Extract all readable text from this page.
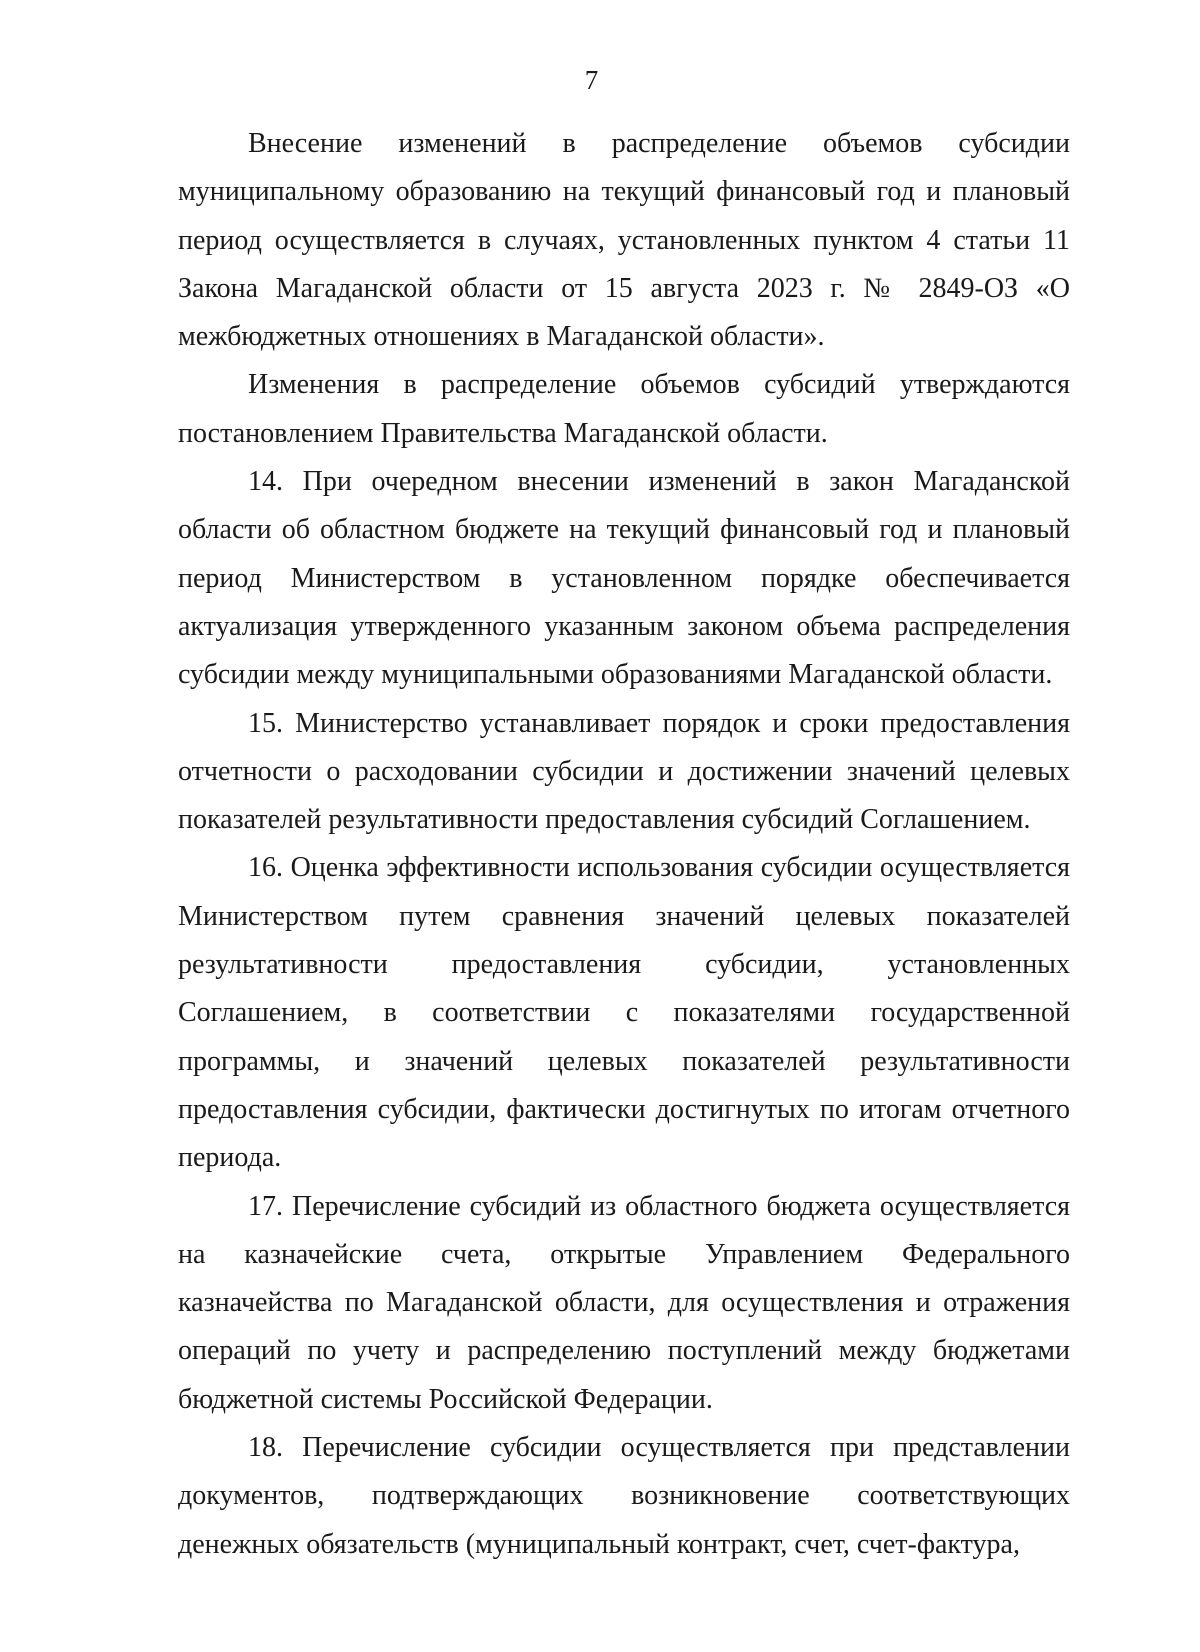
7

Внесение изменений в распределение объемов субсидии муниципальному образованию на текущий финансовый год и плановый период осуществляется в случаях, установленных пунктом 4 статьи 11 Закона Магаданской области от 15 августа 2023 г. № 2849-ОЗ «О межбюджетных отношениях в Магаданской области».

Изменения в распределение объемов субсидий утверждаются постановлением Правительства Магаданской области.

14. При очередном внесении изменений в закон Магаданской области об областном бюджете на текущий финансовый год и плановый период Министерством в установленном порядке обеспечивается актуализация утвержденного указанным законом объема распределения субсидии между муниципальными образованиями Магаданской области.

15. Министерство устанавливает порядок и сроки предоставления отчетности о расходовании субсидии и достижении значений целевых показателей результативности предоставления субсидий Соглашением.

16. Оценка эффективности использования субсидии осуществляется Министерством путем сравнения значений целевых показателей результативности предоставления субсидии, установленных Соглашением, в соответствии с показателями государственной программы, и значений целевых показателей результативности предоставления субсидии, фактически достигнутых по итогам отчетного периода.

17. Перечисление субсидий из областного бюджета осуществляется на казначейские счета, открытые Управлением Федерального казначейства по Магаданской области, для осуществления и отражения операций по учету и распределению поступлений между бюджетами бюджетной системы Российской Федерации.

18. Перечисление субсидии осуществляется при представлении документов, подтверждающих возникновение соответствующих денежных обязательств (муниципальный контракт, счет, счет-фактура,
